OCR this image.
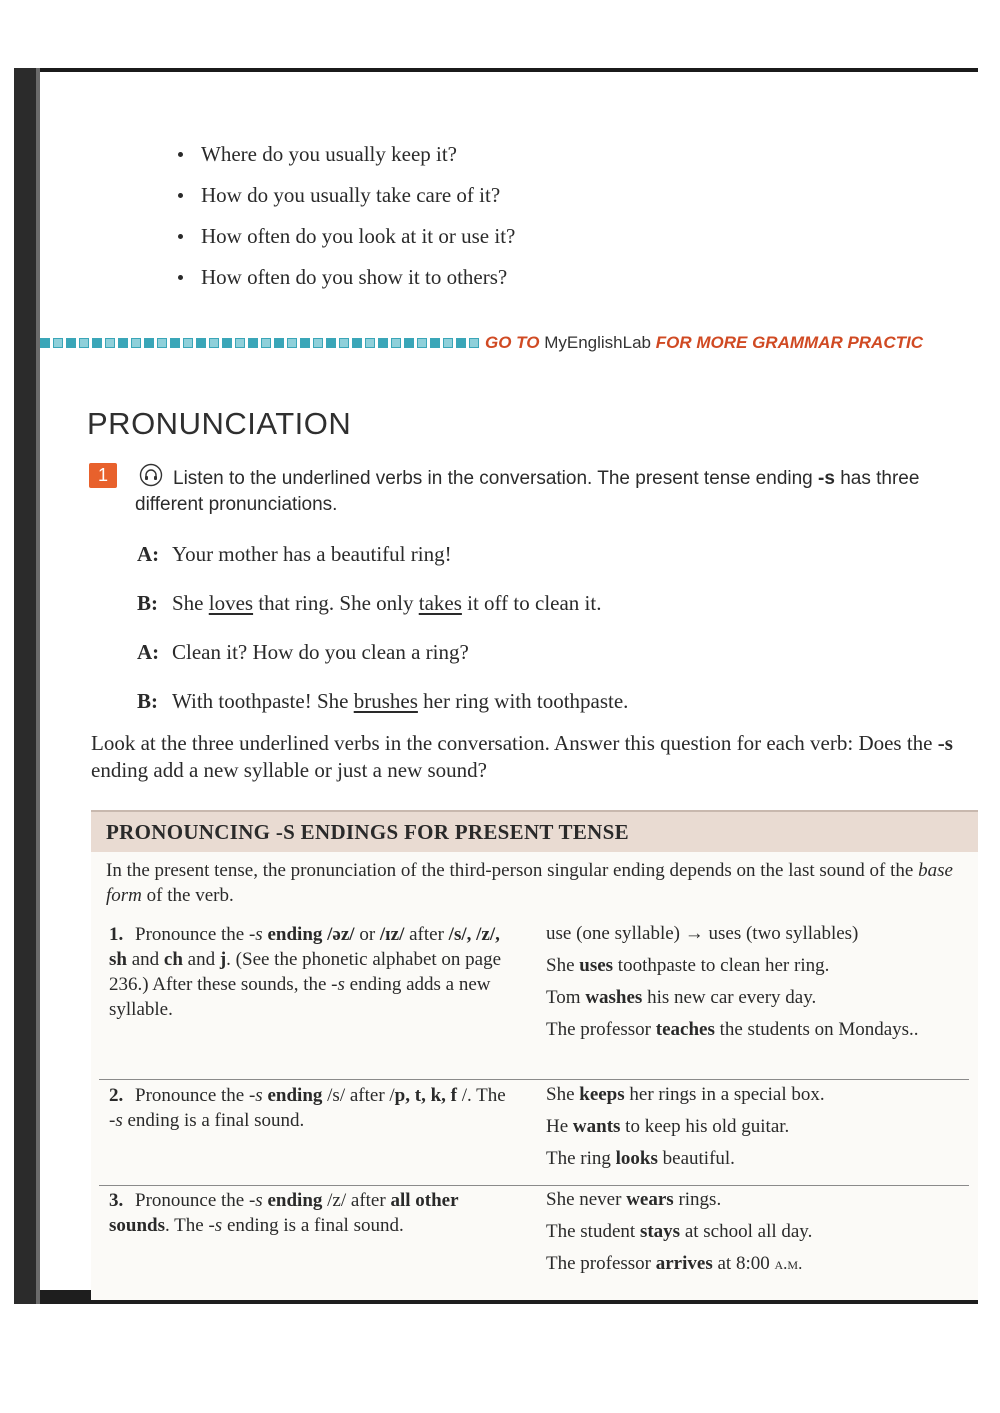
Where do you usually keep it?
How do you usually take care of it?
How often do you look at it or use it?
How often do you show it to others?
GO TO MyEnglishLab FOR MORE GRAMMAR PRACTIC
PRONUNCIATION
1	Listen to the underlined verbs in the conversation. The present tense ending -s has three different pronunciations.

A: Your mother has a beautiful ring!
B: She loves that ring. She only takes it off to clean it.
A: Clean it? How do you clean a ring?
B: With toothpaste! She brushes her ring with toothpaste.

Look at the three underlined verbs in the conversation. Answer this question for each verb: Does the -s ending add a new syllable or just a new sound?

PRONOUNCING -S ENDINGS FOR PRESENT TENSE

In the present tense, the pronunciation of the third-person singular ending depends on the last sound of the base form of the verb.

1. Pronounce the -s ending /əz/ or /ɪz/ after /s/, /z/, sh and ch and j. (See the phonetic alphabet on page 236.) After these sounds, the -s ending adds a new syllable.

use (one syllable) → uses (two syllables)
She uses toothpaste to clean her ring.
Tom washes his new car every day.
The professor teaches the students on Mondays..

2. Pronounce the -s ending /s/ after /p, t, k, f /. The -s ending is a final sound.

She keeps her rings in a special box.
He wants to keep his old guitar.
The ring looks beautiful.

3. Pronounce the -s ending /z/ after all other sounds. The -s ending is a final sound.

She never wears rings.
The student stays at school all day.
The professor arrives at 8:00 a.m.
